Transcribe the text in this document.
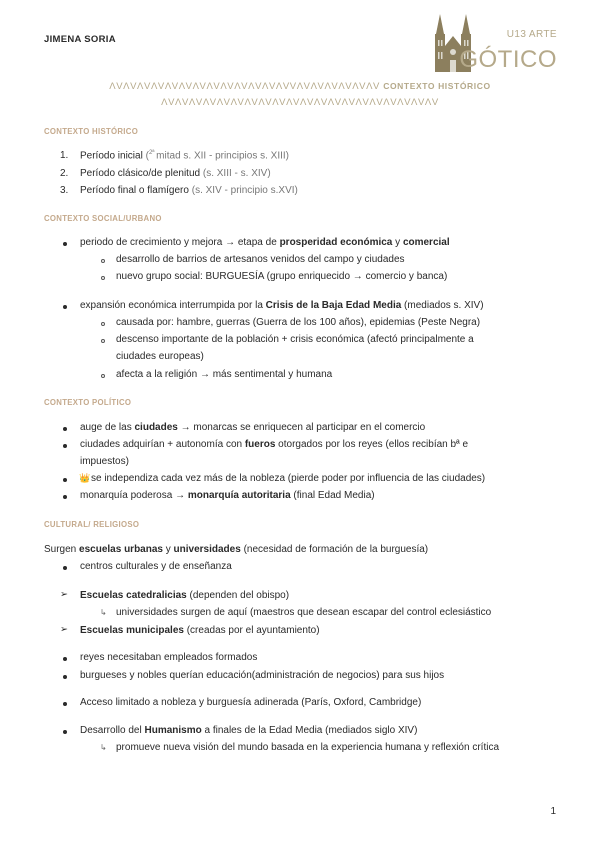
JIMENA SORIA	U13 ARTE
GÓTICO
ΛVΛVΛVΛVΛVΛVΛVΛVΛVΛVΛVΛVΛVVΛVΛVΛVΛVΛVΛV CONTEXTO HISTÓRICO
ΛVΛVΛVΛVΛVΛVΛVΛVΛVΛVΛVΛVΛVΛVΛVΛVΛVΛVΛVΛV
CONTEXTO HISTÓRICO
1. Período inicial ($^{2ª}$ mitad s. XII - principios s. XIII)
2. Período clásico/de plenitud (s. XIII - s. XIV)
3. Período final o flamígero (s. XIV - principio s.XVI)
CONTEXTO SOCIAL/URBANO
periodo de crecimiento y mejora → etapa de prosperidad económica y comercial
desarrollo de barrios de artesanos venidos del campo y ciudades
nuevo grupo social: BURGUESÍA (grupo enriquecido → comercio y banca)
expansión económica interrumpida por la Crisis de la Baja Edad Media (mediados s. XIV)
causada por: hambre, guerras (Guerra de los 100 años), epidemias (Peste Negra)
descenso importante de la población + crisis económica (afectó principalmente a
ciudades europeas)
afecta a la religión → más sentimental y humana
CONTEXTO POLÍTICO
auge de las ciudades → monarcas se enriquecen al participar en el comercio
ciudades adquirían + autonomía con fueros otorgados por los reyes (ellos recibían bª e
impuestos)
👑 se independiza cada vez más de la nobleza (pierde poder por influencia de las ciudades)
monarquía poderosa → monarquía autoritaria (final Edad Media)
CULTURAL/ RELIGIOSO
Surgen escuelas urbanas y universidades (necesidad de formación de la burguesía)
centros culturales y de enseñanza
➢ Escuelas catedralicias (dependen del obispo)
↳ universidades surgen de aquí (maestros que desean escapar del control eclesiástico
➢ Escuelas municipales (creadas por el ayuntamiento)
reyes necesitaban empleados formados
burgueses y nobles querían educación(administración de negocios) para sus hijos
Acceso limitado a nobleza y burguesía adinerada (París, Oxford, Cambridge)
Desarrollo del Humanismo a finales de la Edad Media (mediados siglo XIV)
↳ promueve nueva visión del mundo basada en la experiencia humana y reflexión crítica
1
